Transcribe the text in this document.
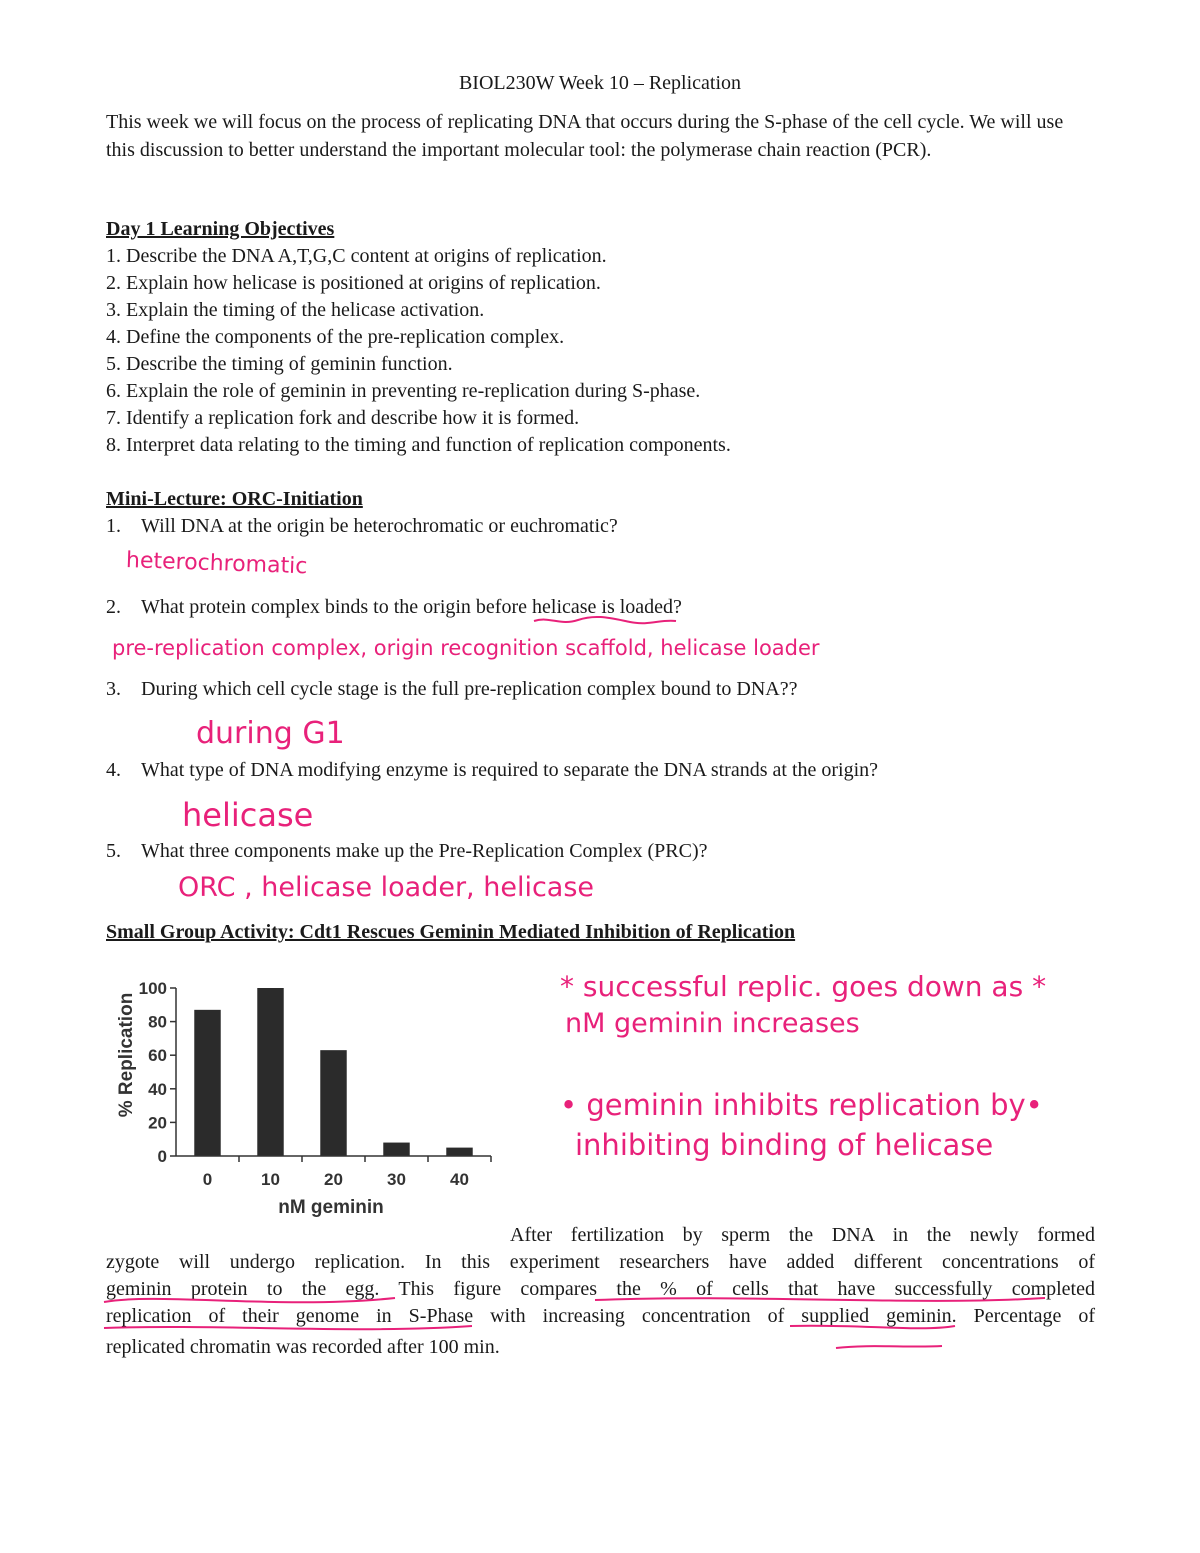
BIOL230W Week 10 – Replication
This week we will focus on the process of replicating DNA that occurs during the S-phase of the cell cycle. We will use this discussion to better understand the important molecular tool: the polymerase chain reaction (PCR).
Day 1 Learning Objectives
1. Describe the DNA A,T,G,C content at origins of replication.
2. Explain how helicase is positioned at origins of replication.
3. Explain the timing of the helicase activation.
4. Define the components of the pre-replication complex.
5. Describe the timing of geminin function.
6. Explain the role of geminin in preventing re-replication during S-phase.
7. Identify a replication fork and describe how it is formed.
8. Interpret data relating to the timing and function of replication components.
Mini-Lecture: ORC-Initiation
1. Will DNA at the origin be heterochromatic or euchromatic?
heterochromatic
2. What protein complex binds to the origin before helicase is loaded?
pre-replication complex, origin recognition scaffold, helicase loader
3. During which cell cycle stage is the full pre-replication complex bound to DNA??
during G1
4. What type of DNA modifying enzyme is required to separate the DNA strands at the origin?
helicase
5. What three components make up the Pre-Replication Complex (PRC)?
ORC , helicase loader, helicase
Small Group Activity: Cdt1 Rescues Geminin Mediated Inhibition of Replication
0
20
40
60
80
100
0	10	20	30	40
nM geminin
% Replication
* successful replic. goes down as *
nM geminin increases
• geminin inhibits replication by•
inhibiting binding of helicase
After fertilization by sperm the DNA in the newly formed
zygote will undergo replication. In this experiment researchers have added different concentrations of
geminin protein to the egg. This figure compares the % of cells that have successfully completed
replication of their genome in S-Phase with increasing concentration of supplied geminin. Percentage of
replicated chromatin was recorded after 100 min.
